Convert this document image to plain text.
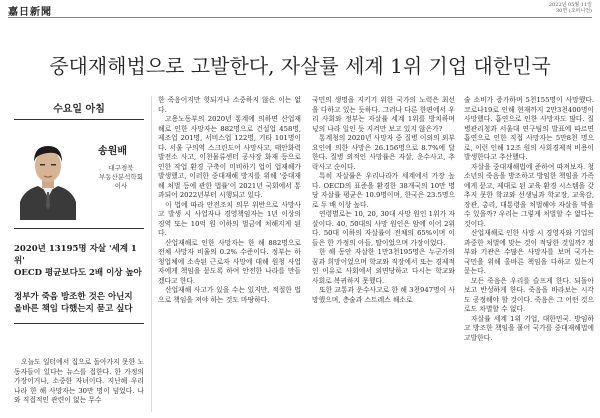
嘉日新聞
2022년 05월 11일
30면 (오피니언)
중대재해법으로 고발한다, 자살률 세계 1위 기업 대한민국
수요일 아침
송원배
대구경북
부동산분석학회
이사
2020년 13195명 자살 '세계 1위'
OECD 평균보다도 2배 이상 높아
정부가 죽음 방조한 것은 아닌지
올바른 책임 다했는지 묻고 싶다
오늘도 일터에서 집으로 돌아가지 못한 노동자들이 있다는 뉴스를 접한다. 한 가정의 가장이거나, 소중한 자녀이다. 지난해 우리나라 한 해 사망자는 30만 명이 넘었다. 나와 직접적인 관련이 없는 무수

한 죽음이지만 헛되거나 소중하지 않은 이는 없다.

고용노동부의 2020년 통계에 의하면 산업재해로 인한 사망자는 882명으로 건설업 458명, 제조업 201명, 서비스업 122명, 기타 101명이다. 서울 구의역 스크린도어 사망사고, 태안화력발전소 사고, 이천물류센터 공사장 화재 등으로 인한 작업 환경 구축이 미비하기 업이 업재해가 발생했고, 이러한 중대재해 방지를 위해 '중대재해 처벌 등에 관한 법률'이 2021년 국회에서 통과되어 2022년부터 시행되고 있다.

이 법에 따라 안전조치 의무 위반으로 사망사고 발생 시 사업자나 경영책임자는 1년 이상의 징역 또는 10억 원 이하의 벌금에 처해지게 된다.

산업재해로 인한 사망자는 한 해 882명으로 전체 사망자 비율의 0.2% 수준이다. 정부는 하청업체에 소속된 근로자 사망에 대해 원청 사업자에게 책임을 묻도록 하여 안전한 나라를 만들겠다고 한다.

산업재해 사고가 있을 수는 있지만, 적절한 법으로 책임을 져야 하는 것도 마땅하다.

국민의 생명을 지키기 위한 국가의 노력은 최선을 다하고 있는 듯하다. 그러나 다른 한편에서 우리 사회와 정부는 자살률 세계 1위를 방치하며 넋의 나라 일인 듯 지켜만 보고 있지 않은가?

통계청의 2020년 사망자 중 질병 이외의 외부요인에 의한 사망은 26.156명으로 8.7%에 달한다. 질병 외적인 사망률은 자살, 운수사고, 추락사고 순이다.

특히 자살률은 우리나라가 세계에서 가장 높다. OECD의 표준을 환경한 38개국의 10만 명당 자살률 평균은 10.9명이며, 한국은 23.5명으로 두 배 이상 높다.

연령별로는 10, 20, 30대 사망 원인 1위가 자살이다. 40, 50대의 사망 원인은 암에 이어 2위다. 50대 이하의 자살률이 전체의 65%이며 이들은 한 가정의 아들, 딸이었으며 가장이었다.

한 해 동안 자살한 1만3천195명은 누군가의 꿈과 희망이었으며 학교와 직장에서 또는 경제적인 이유로 사회에서 외면당하고 다시는 학교와 사회로 복귀하지 못했다.

또한 교통과 운수사고로 한 해 3천947명이 사망했으며, 층술과 스트레스 해소로

술 소비가 증가하며 5천155명이 사망했다. 코로나19로 인해 현재까지 2만3천400명이 사망했다. 흡연으로 인한 사망자도 많다. 질병관리청과 서울대 연구팀의 발표에 따르면 흡연으로 인한 직접 사망자는 5만8천 명으로, 이런 인해 12조 원의 사회경제적 비용이 발생한다고 추산했다.

자살을 중대재해법에 준하여 따져보자. 청소년의 죽음을 방조하고 방임한 책임을 가족에게 묻고, 제대로 된 교육 환경 시스템을 갖추지 못한 학교와 선생님과 학교장, 교육감, 장관, 총리, 대통령을 처벌해야 자살을 막을 수 있을까? 우리는 그렇게 처벌할 수 없다는 것이다.

산업재해로 인한 사망 시 경영자와 기업의 과중한 처벌에 맞는 것이 적당한 것일까? 정부와 기관은 수많은 사망자를 보며 국가는 국민을 위해 올바른 책임을 다하고 있는지 묻는다.

모든 죽음은 우리를 슬프게 한다. 되돌아보고 반성하게 한다. 죽음을 바라보는 시각도 공정해야 할 것이다. 죽음은 그 어떤 것으로도 차별할 수 없다.

자살률 세계 1위 기업, 대한민국. 방임하고 방조한 책임을 물어 국가를 중대재해법에 고발한다.
